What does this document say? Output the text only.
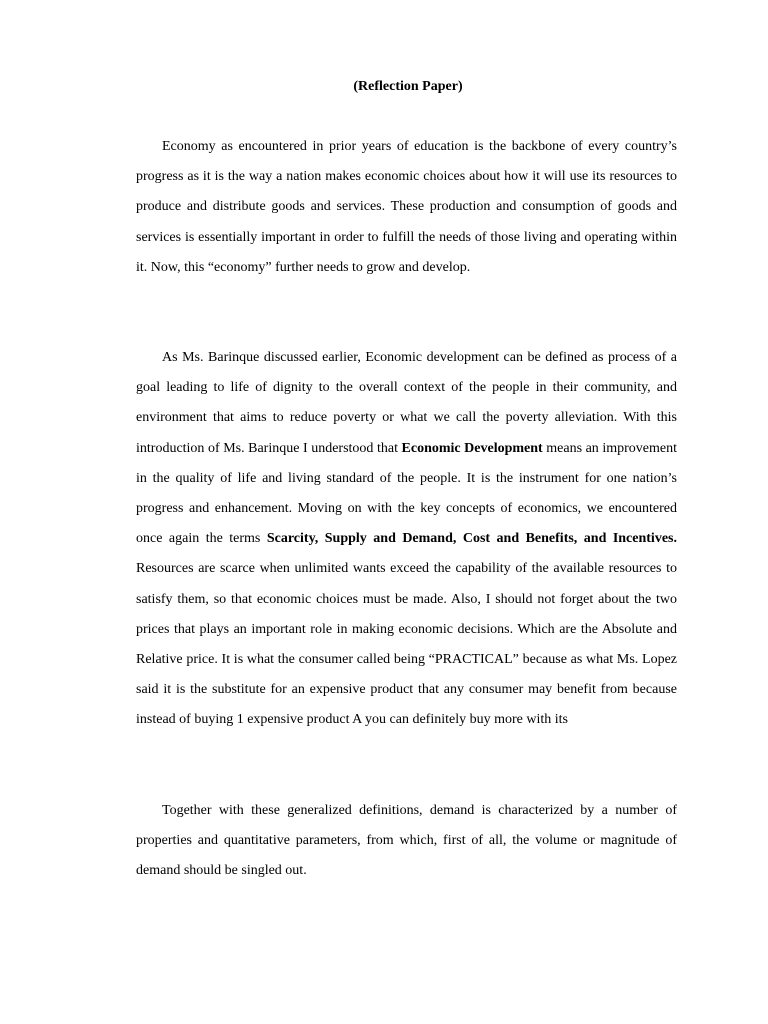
(Reflection Paper)

Economy as encountered in prior years of education is the backbone of every country’s progress as it is the way a nation makes economic choices about how it will use its resources to produce and distribute goods and services. These production and consumption of goods and services is essentially important in order to fulfill the needs of those living and operating within it. Now, this “economy” further needs to grow and develop.

As Ms. Barinque discussed earlier, Economic development can be defined as process of a goal leading to life of dignity to the overall context of the people in their community, and environment that aims to reduce poverty or what we call the poverty alleviation. With this introduction of Ms. Barinque I understood that Economic Development means an improvement in the quality of life and living standard of the people. It is the instrument for one nation’s progress and enhancement. Moving on with the key concepts of economics, we encountered once again the terms Scarcity, Supply and Demand, Cost and Benefits, and Incentives. Resources are scarce when unlimited wants exceed the capability of the available resources to satisfy them, so that economic choices must be made. Also, I should not forget about the two prices that plays an important role in making economic decisions. Which are the Absolute and Relative price. It is what the consumer called being “PRACTICAL” because as what Ms. Lopez said it is the substitute for an expensive product that any consumer may benefit from because instead of buying 1 expensive product A you can definitely buy more with its

Together with these generalized definitions, demand is characterized by a number of properties and quantitative parameters, from which, first of all, the volume or magnitude of demand should be singled out.
